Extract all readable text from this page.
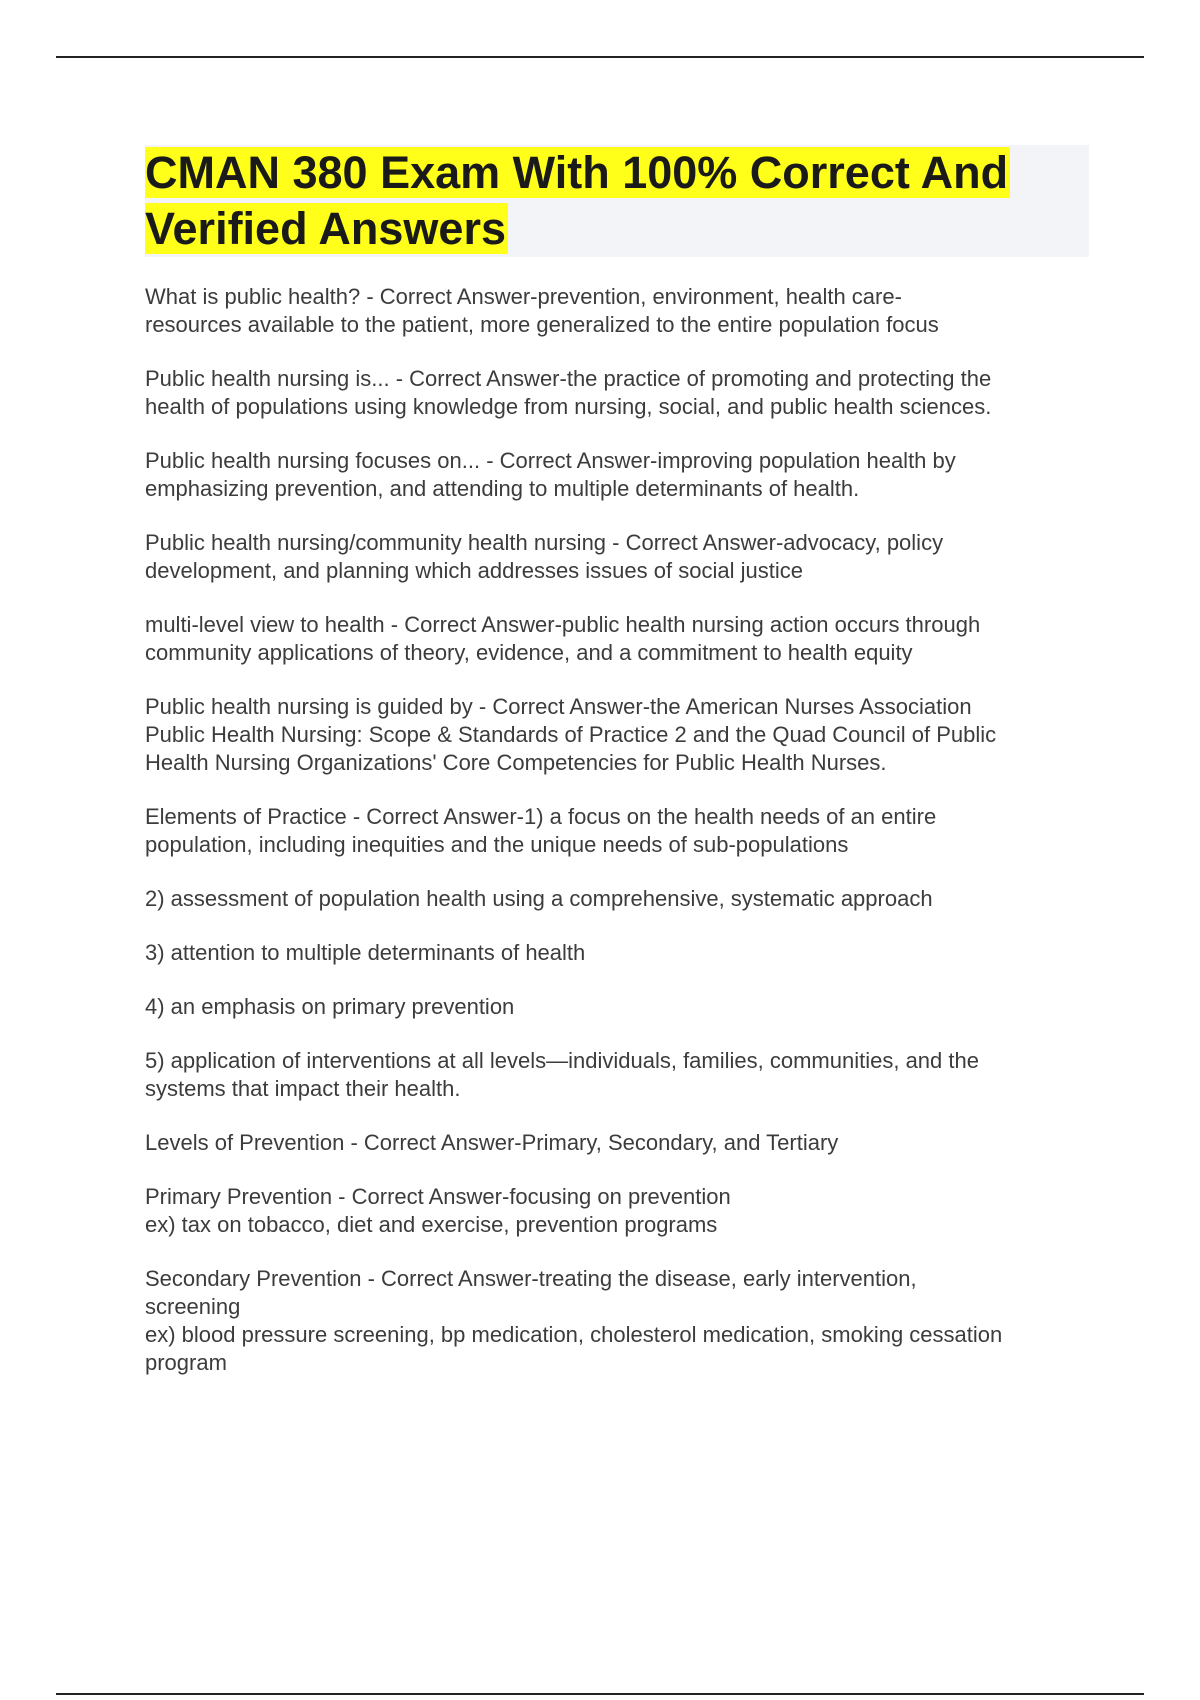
CMAN 380 Exam With 100% Correct And
Verified Answers

What is public health? - Correct Answer-prevention, environment, health care-
resources available to the patient, more generalized to the entire population focus

Public health nursing is... - Correct Answer-the practice of promoting and protecting the
health of populations using knowledge from nursing, social, and public health sciences.

Public health nursing focuses on... - Correct Answer-improving population health by
emphasizing prevention, and attending to multiple determinants of health.

Public health nursing/community health nursing - Correct Answer-advocacy, policy
development, and planning which addresses issues of social justice

multi-level view to health - Correct Answer-public health nursing action occurs through
community applications of theory, evidence, and a commitment to health equity

Public health nursing is guided by - Correct Answer-the American Nurses Association
Public Health Nursing: Scope & Standards of Practice 2 and the Quad Council of Public
Health Nursing Organizations' Core Competencies for Public Health Nurses.

Elements of Practice - Correct Answer-1) a focus on the health needs of an entire
population, including inequities and the unique needs of sub-populations

2) assessment of population health using a comprehensive, systematic approach

3) attention to multiple determinants of health

4) an emphasis on primary prevention

5) application of interventions at all levels—individuals, families, communities, and the
systems that impact their health.

Levels of Prevention - Correct Answer-Primary, Secondary, and Tertiary

Primary Prevention - Correct Answer-focusing on prevention
ex) tax on tobacco, diet and exercise, prevention programs

Secondary Prevention - Correct Answer-treating the disease, early intervention,
screening
ex) blood pressure screening, bp medication, cholesterol medication, smoking cessation
program
